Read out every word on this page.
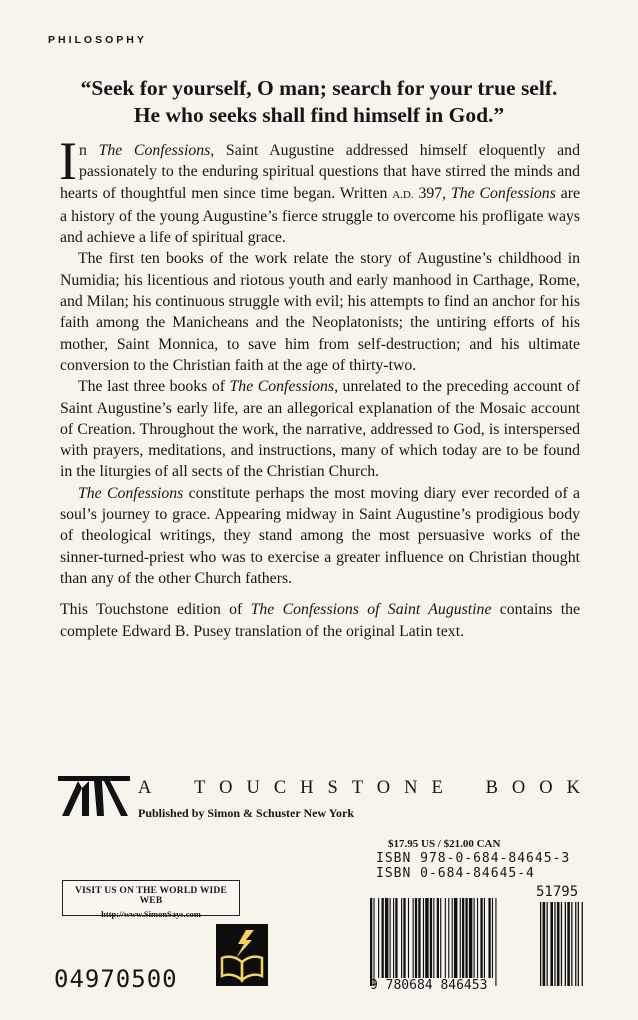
PHILOSOPHY
“Seek for yourself, O man; search for your true self.
He who seeks shall find himself in God.”

In The Confessions, Saint Augustine addressed himself eloquently and passionately to the enduring spiritual questions that have stirred the minds and hearts of thoughtful men since time began. Written A.D. 397, The Confessions are a history of the young Augustine’s fierce struggle to overcome his profligate ways and achieve a life of spiritual grace.

The first ten books of the work relate the story of Augustine’s childhood in Numidia; his licentious and riotous youth and early manhood in Carthage, Rome, and Milan; his continuous struggle with evil; his attempts to find an anchor for his faith among the Manicheans and the Neoplatonists; the untiring efforts of his mother, Saint Monnica, to save him from self-destruction; and his ultimate conversion to the Christian faith at the age of thirty-two.

The last three books of The Confessions, unrelated to the preceding account of Saint Augustine’s early life, are an allegorical explanation of the Mosaic account of Creation. Throughout the work, the narrative, addressed to God, is interspersed with prayers, meditations, and instructions, many of which today are to be found in the liturgies of all sects of the Christian Church.

The Confessions constitute perhaps the most moving diary ever recorded of a soul’s journey to grace. Appearing midway in Saint Augustine’s prodigious body of theological writings, they stand among the most persuasive works of the sinner-turned-priest who was to exercise a greater influence on Christian thought than any of the other Church fathers.

This Touchstone edition of The Confessions of Saint Augustine contains the complete Edward B. Pusey translation of the original Latin text.

A TOUCHSTONE BOOK
Published by Simon & Schuster New York
$17.95 US / $21.00 CAN
ISBN 978-0-684-84645-3
ISBN 0-684-84645-4
VISIT US ON THE WORLD WIDE WEB
http://www.SimonSays.com
04970500
51795
9 780684 846453
